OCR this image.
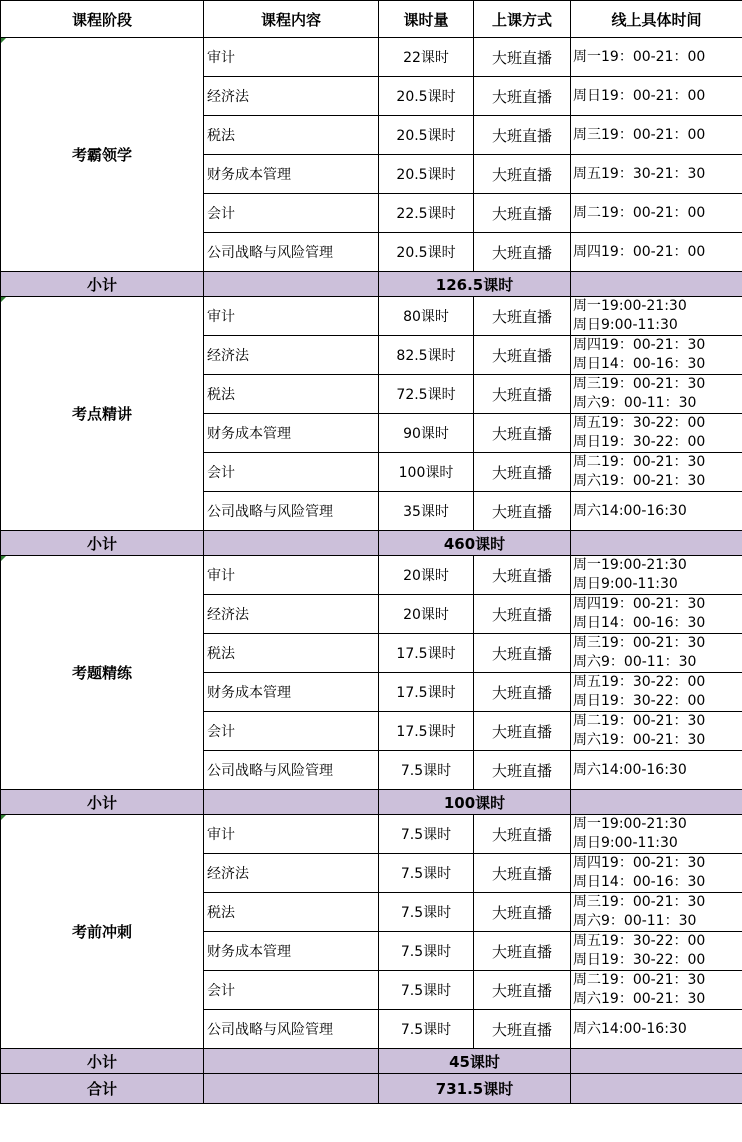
课程阶段	课程内容	课时量	上课方式	线上具体时间

考霸领学	审计	22课时	大班直播	周一19：00-21：00

	经济法	20.5课时	大班直播	周日19：00-21：00

	税法	20.5课时	大班直播	周三19：00-21：00

	财务成本管理	20.5课时	大班直播	周五19：30-21：30

	会计	22.5课时	大班直播	周二19：00-21：00

	公司战略与风险管理	20.5课时	大班直播	周四19：00-21：00

小计		126.5课时		

考点精讲	审计	80课时	大班直播	周一19:00-21:30
周日9:00-11:30

	经济法	82.5课时	大班直播	周四19：00-21：30
周日14：00-16：30

	税法	72.5课时	大班直播	周三19：00-21：30
周六9：00-11：30

	财务成本管理	90课时	大班直播	周五19：30-22：00
周日19：30-22：00

	会计	100课时	大班直播	周二19：00-21：30
周六19：00-21：30

	公司战略与风险管理	35课时	大班直播	周六14:00-16:30

小计		460课时		

考题精练	审计	20课时	大班直播	周一19:00-21:30
周日9:00-11:30

	经济法	20课时	大班直播	周四19：00-21：30
周日14：00-16：30

	税法	17.5课时	大班直播	周三19：00-21：30
周六9：00-11：30

	财务成本管理	17.5课时	大班直播	周五19：30-22：00
周日19：30-22：00

	会计	17.5课时	大班直播	周二19：00-21：30
周六19：00-21：30

	公司战略与风险管理	7.5课时	大班直播	周六14:00-16:30

小计		100课时		

考前冲刺	审计	7.5课时	大班直播	周一19:00-21:30
周日9:00-11:30

	经济法	7.5课时	大班直播	周四19：00-21：30
周日14：00-16：30

	税法	7.5课时	大班直播	周三19：00-21：30
周六9：00-11：30

	财务成本管理	7.5课时	大班直播	周五19：30-22：00
周日19：30-22：00

	会计	7.5课时	大班直播	周二19：00-21：30
周六19：00-21：30

	公司战略与风险管理	7.5课时	大班直播	周六14:00-16:30

小计		45课时		
合计		731.5课时		
